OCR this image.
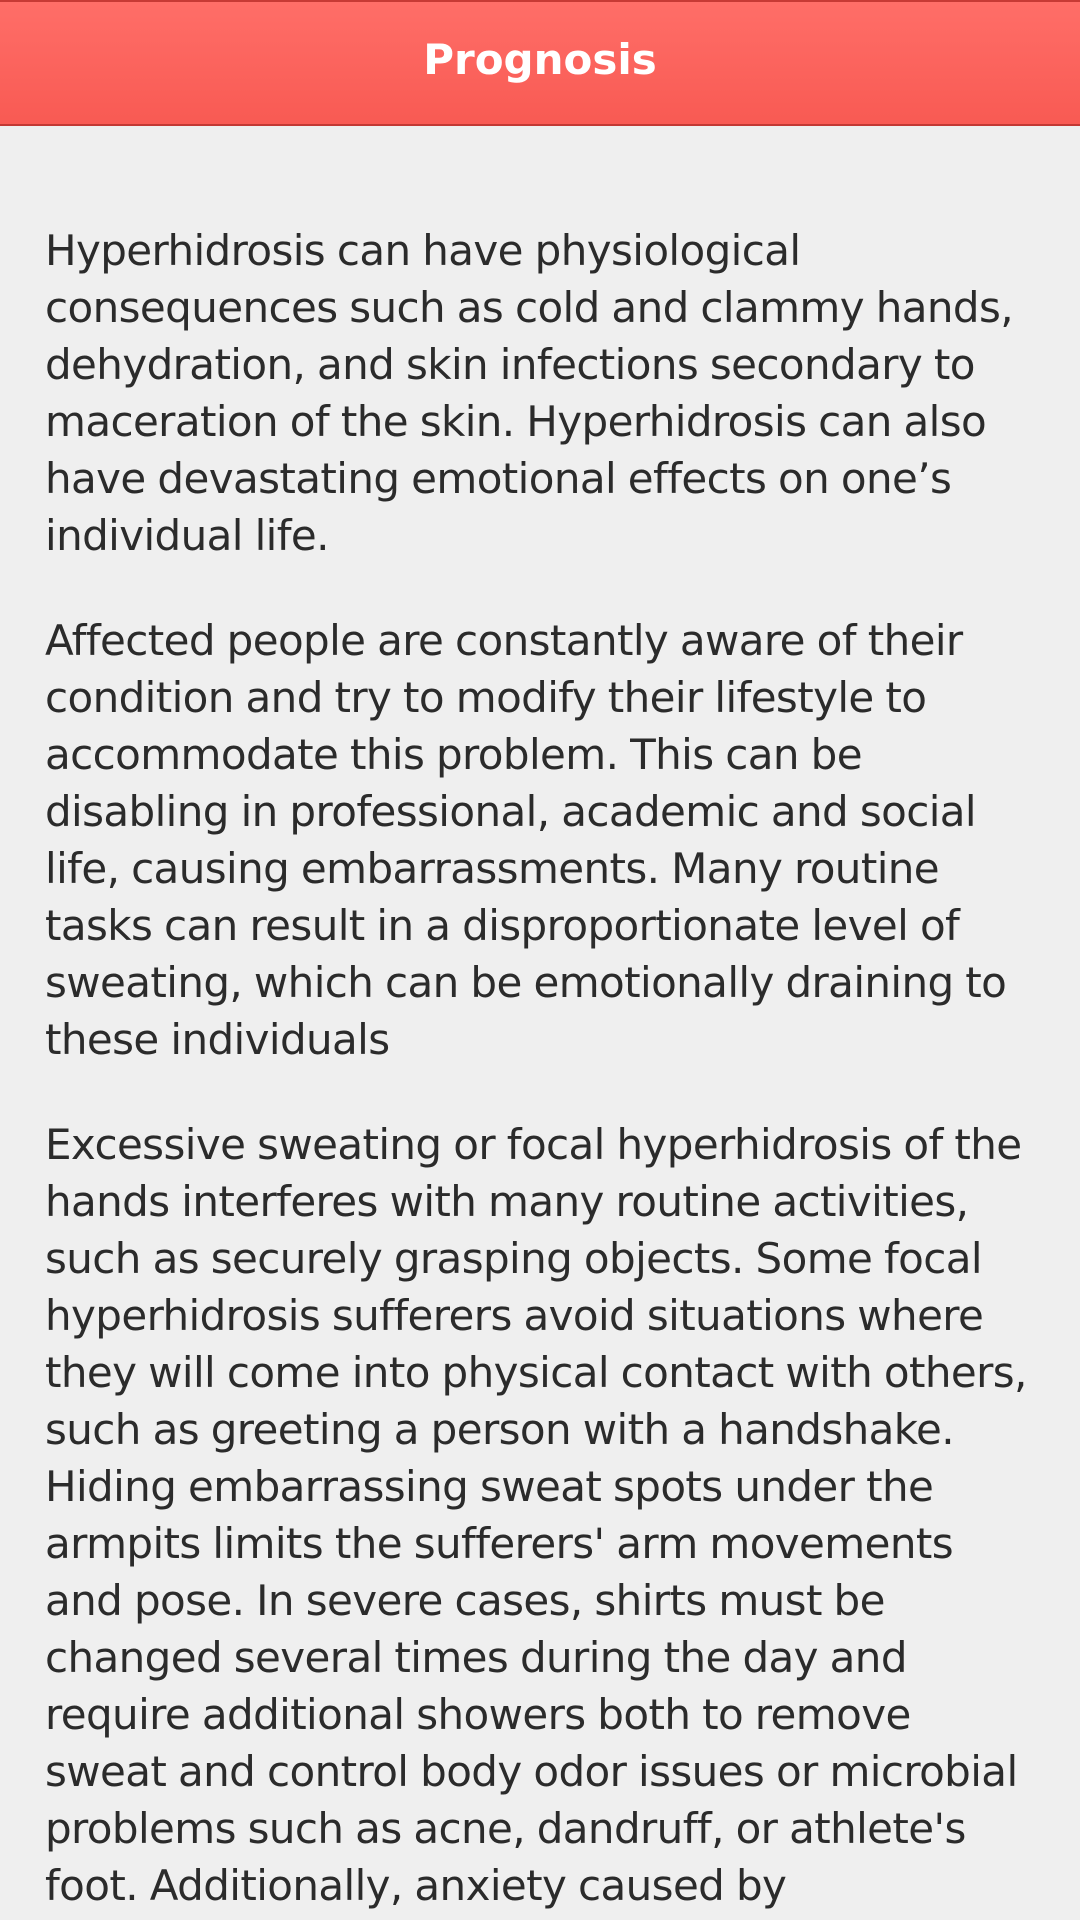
Prognosis

Hyperhidrosis can have physiological consequences such as cold and clammy hands, dehydration, and skin infections secondary to maceration of the skin. Hyperhidrosis can also have devastating emotional effects on one’s individual life.

Affected people are constantly aware of their condition and try to modify their lifestyle to accommodate this problem. This can be disabling in professional, academic and social life, causing embarrassments. Many routine tasks can result in a disproportionate level of sweating, which can be emotionally draining to these individuals

Excessive sweating or focal hyperhidrosis of the hands interferes with many routine activities, such as securely grasping objects. Some focal hyperhidrosis sufferers avoid situations where they will come into physical contact with others, such as greeting a person with a handshake. Hiding embarrassing sweat spots under the armpits limits the sufferers' arm movements and pose. In severe cases, shirts must be changed several times during the day and require additional showers both to remove sweat and control body odor issues or microbial problems such as acne, dandruff, or athlete's foot. Additionally, anxiety caused by
